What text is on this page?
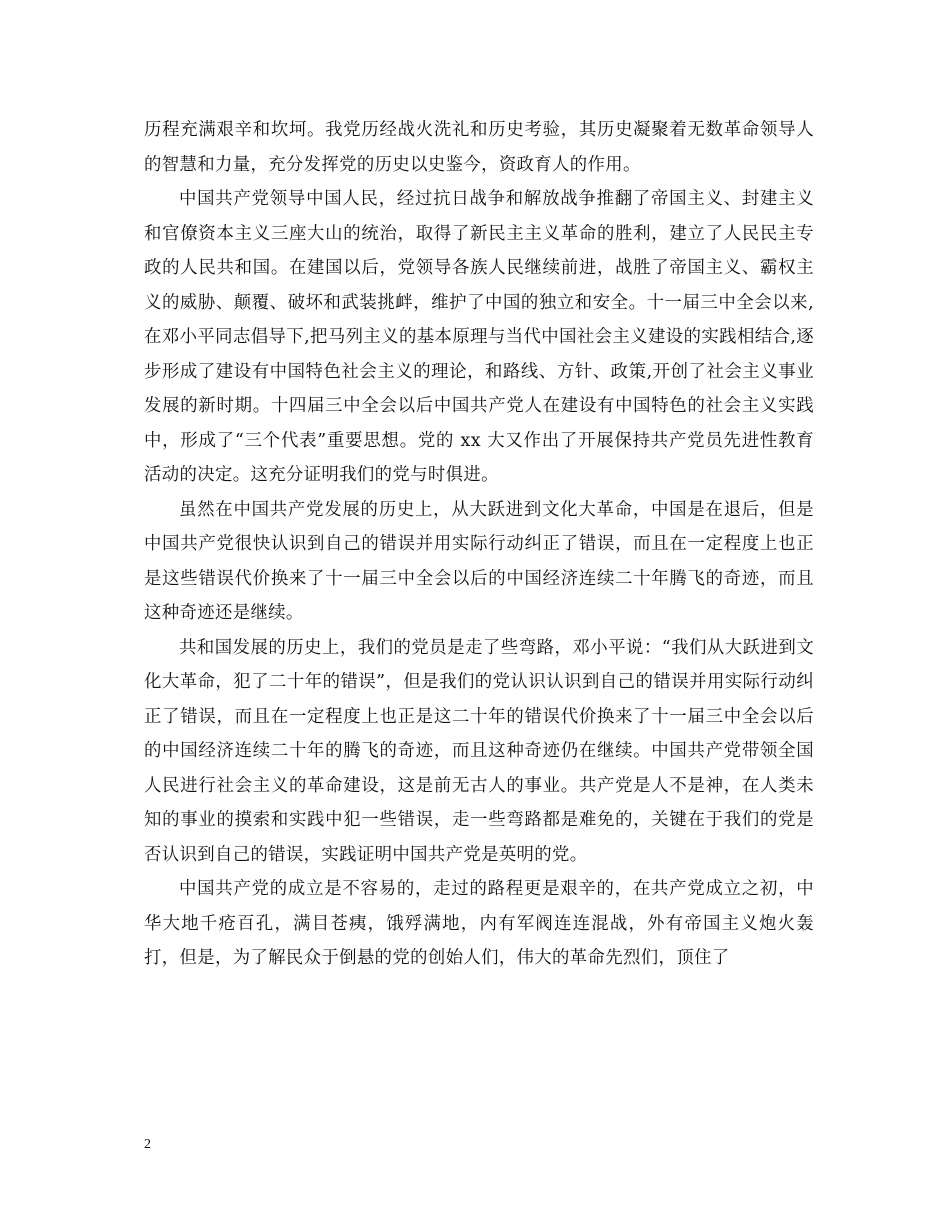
历程充满艰辛和坎坷。我党历经战火洗礼和历史考验，其历史凝聚着无数革命领导人的智慧和力量，充分发挥党的历史以史鉴今，资政育人的作用。

中国共产党领导中国人民，经过抗日战争和解放战争推翻了帝国主义、封建主义和官僚资本主义三座大山的统治，取得了新民主主义革命的胜利，建立了人民民主专政的人民共和国。在建国以后，党领导各族人民继续前进，战胜了帝国主义、霸权主义的威胁、颠覆、破坏和武装挑衅，维护了中国的独立和安全。十一届三中全会以来,在邓小平同志倡导下,把马列主义的基本原理与当代中国社会主义建设的实践相结合,逐步形成了建设有中国特色社会主义的理论，和路线、方针、政策,开创了社会主义事业发展的新时期。十四届三中全会以后中国共产党人在建设有中国特色的社会主义实践中，形成了“三个代表”重要思想。党的 xx 大又作出了开展保持共产党员先进性教育活动的决定。这充分证明我们的党与时俱进。

虽然在中国共产党发展的历史上，从大跃进到文化大革命，中国是在退后，但是中国共产党很快认识到自己的错误并用实际行动纠正了错误，而且在一定程度上也正是这些错误代价换来了十一届三中全会以后的中国经济连续二十年腾飞的奇迹，而且这种奇迹还是继续。

共和国发展的历史上，我们的党员是走了些弯路，邓小平说：“我们从大跃进到文化大革命，犯了二十年的错误”，但是我们的党认识认识到自己的错误并用实际行动纠正了错误，而且在一定程度上也正是这二十年的错误代价换来了十一届三中全会以后的中国经济连续二十年的腾飞的奇迹，而且这种奇迹仍在继续。中国共产党带领全国人民进行社会主义的革命建设，这是前无古人的事业。共产党是人不是神，在人类未知的事业的摸索和实践中犯一些错误，走一些弯路都是难免的，关键在于我们的党是否认识到自己的错误，实践证明中国共产党是英明的党。

中国共产党的成立是不容易的，走过的路程更是艰辛的，在共产党成立之初，中华大地千疮百孔，满目苍痍，饿殍满地，内有军阀连连混战，外有帝国主义炮火轰打，但是，为了解民众于倒悬的党的创始人们，伟大的革命先烈们，顶住了

2
